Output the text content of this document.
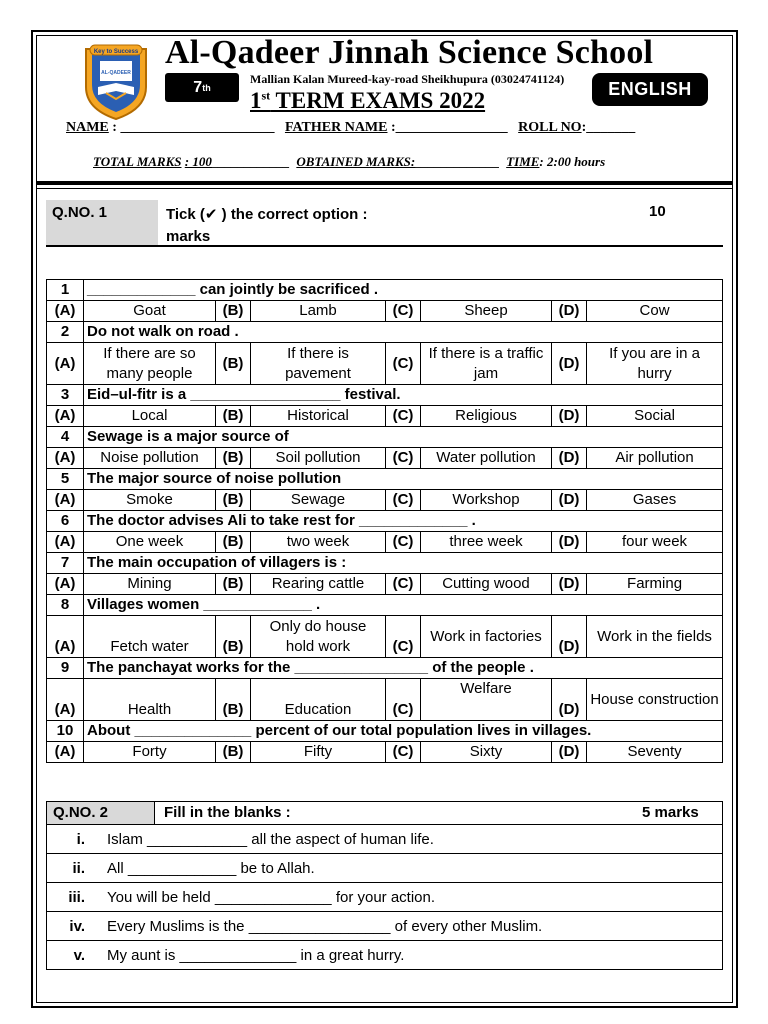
Key to Success
AL-QADEER
Al-Qadeer Jinnah Science School
7 th
Mallian Kalan Mureed-kay-road Sheikhupura (03024741124)
1st TERM EXAMS 2022	ENGLISH
NAME : ______________________ FATHER NAME :________________ ROLL NO:_______
TOTAL MARKS : 100____________ OBTAINED MARKS:_____________ TIME: 2:00 hours
Q.NO. 1	Tick (✔ ) the correct option :
marks
10
1	_____________ can jointly be sacrificed .						
(A)	Goat	(B)	Lamb	(C)	Sheep	(D)	Cow
2	Do not walk on road .						
(A)	If there are so many people	(B)	If there is pavement	(C)	If there is a traffic jam	(D)	If you are in a hurry
3	Eid–ul-fitr is a __________________ festival.						
(A)	Local	(B)	Historical	(C)	Religious	(D)	Social
4	Sewage is a major source of						
(A)	Noise pollution	(B)	Soil pollution	(C)	Water pollution	(D)	Air pollution
5	The major source of noise pollution						
(A)	Smoke	(B)	Sewage	(C)	Workshop	(D)	Gases
6	The doctor advises Ali to take rest for _____________ .						
(A)	One week	(B)	two week	(C)	three week	(D)	four week
7	The main occupation of villagers is :						
(A)	Mining	(B)	Rearing cattle	(C)	Cutting wood	(D)	Farming
8	Villages women _____________ .						
(A)	Fetch water	(B)	Only do house hold work	(C)	Work in factories	(D)	Work in the fields
9	The panchayat works for the ________________ of the people .						
(A)	Health	(B)	Education	(C)	Welfare	(D)	House construction
10	About ______________ percent of our total population lives in villages.						
(A)	Forty	(B)	Fifty	(C)	Sixty	(D)	Seventy
Q.NO. 2	Fill in the blanks :	5 marks
i.	Islam ____________ all the aspect of human life.
ii.	All _____________ be to Allah.
iii.	You will be held ______________ for your action.
iv.	Every Muslims is the _________________ of every other Muslim.
v.	My aunt is ______________ in a great hurry.
